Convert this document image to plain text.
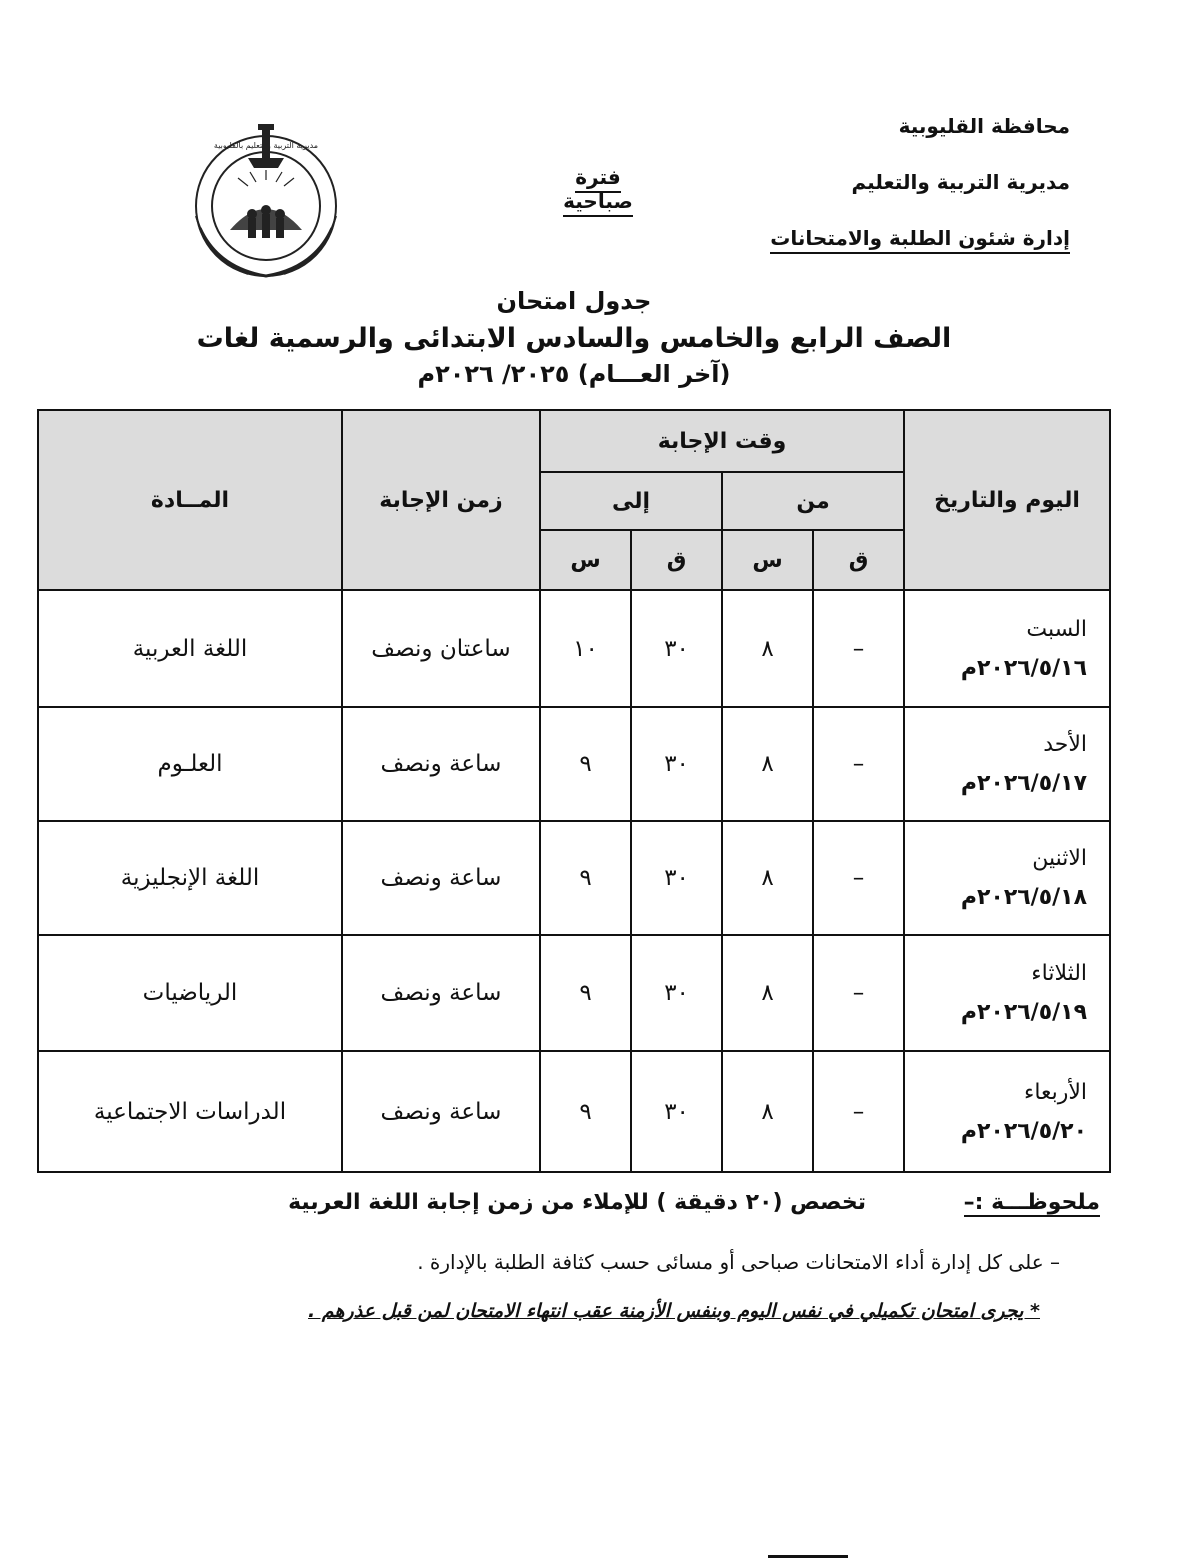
محافظة القليوبية
مديرية التربية والتعليم
إدارة شئون الطلبة والامتحانات
فترة صباحية
مديرية التربية والتعليم بالقليوبية
جدول امتحان
الصف الرابع والخامس والسادس الابتدائى والرسمية لغات
(آخر العـــام) ٢٠٢٥/ ٢٠٢٦م
اليوم والتاريخ	وقت الإجابة				زمن الإجابة	المــادة
	من		إلى			
	ق	س	ق	س		

السبت
٢٠٢٦/٥/١٦م	–	٨	٣٠	١٠	ساعتان ونصف	اللغة العربية

الأحد
٢٠٢٦/٥/١٧م	–	٨	٣٠	٩	ساعة ونصف	العلـوم

الاثنين
٢٠٢٦/٥/١٨م	–	٨	٣٠	٩	ساعة ونصف	اللغة الإنجليزية

الثلاثاء
٢٠٢٦/٥/١٩م	–	٨	٣٠	٩	ساعة ونصف	الرياضيات

الأربعاء
٢٠٢٦/٥/٢٠م	–	٨	٣٠	٩	ساعة ونصف	الدراسات الاجتماعية
ملحوظـــة :– تخصص (٢٠ دقيقة ) للإملاء من زمن إجابة اللغة العربية
– على كل إدارة أداء الامتحانات صباحى أو مسائى حسب كثافة الطلبة بالإدارة .
* يجرى امتحان تكميلي في نفس اليوم وبنفس الأزمنة عقب انتهاء الامتحان لمن قبل عذرهم .
